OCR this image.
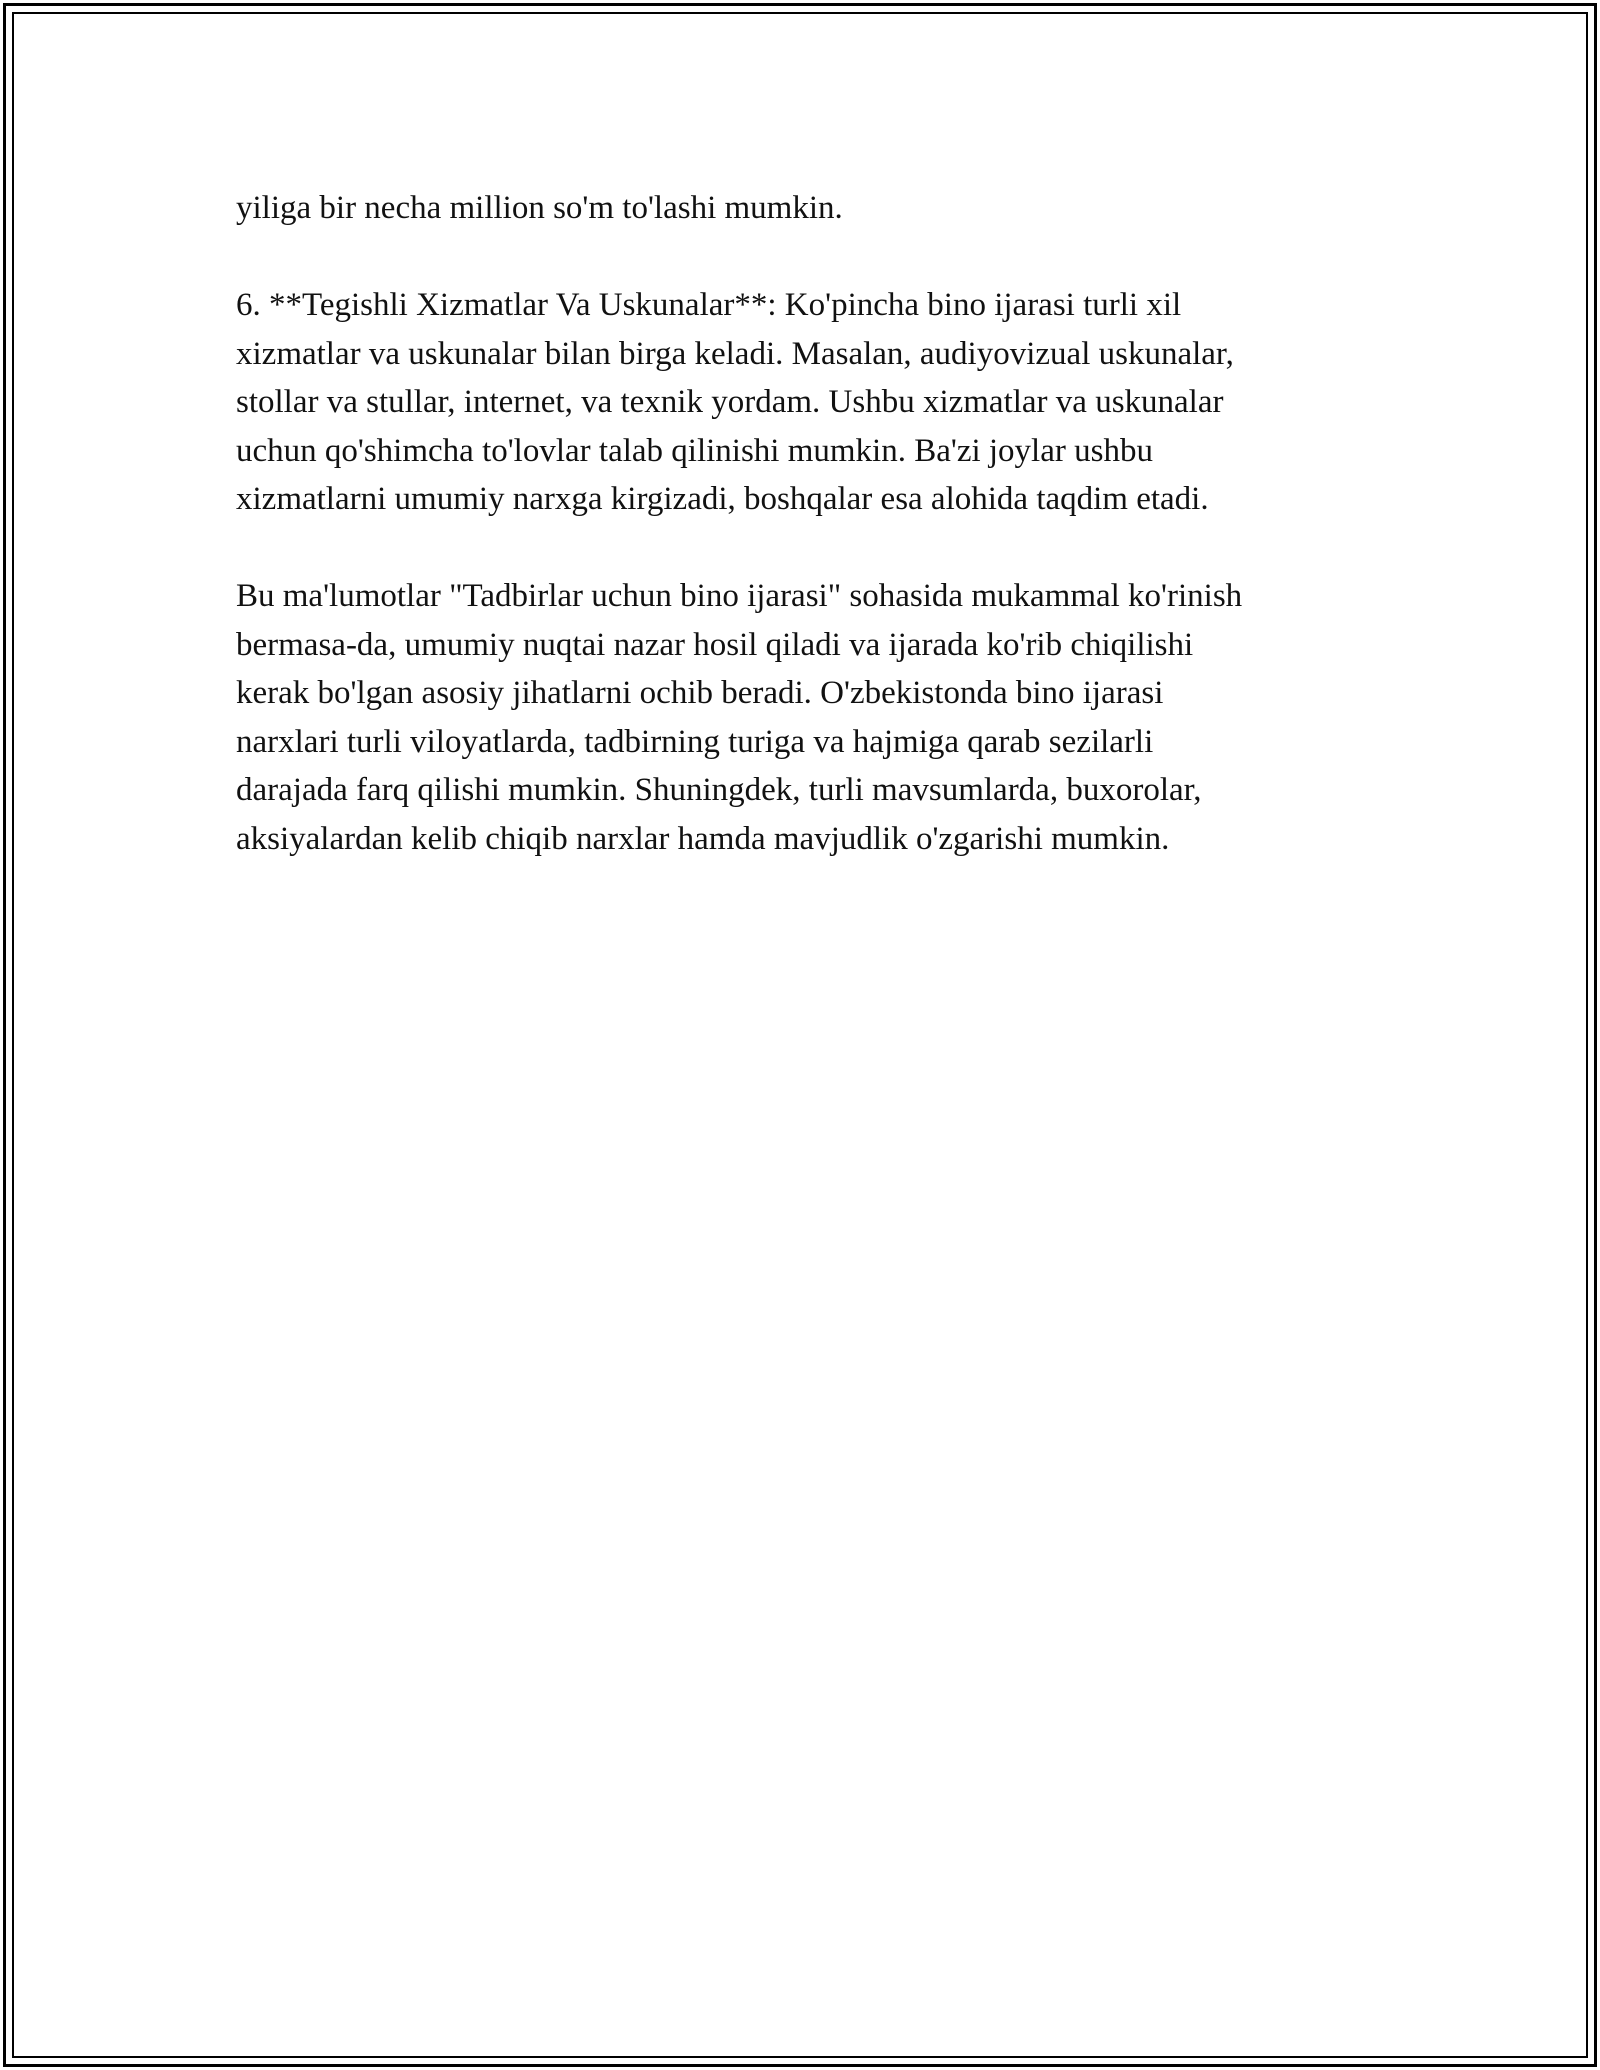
yiliga bir necha million so'm to'lashi mumkin.

6. **Tegishli Xizmatlar Va Uskunalar**: Ko'pincha bino ijarasi turli xil
xizmatlar va uskunalar bilan birga keladi. Masalan, audiyovizual uskunalar,
stollar va stullar, internet, va texnik yordam. Ushbu xizmatlar va uskunalar
uchun qo'shimcha to'lovlar talab qilinishi mumkin. Ba'zi joylar ushbu
xizmatlarni umumiy narxga kirgizadi, boshqalar esa alohida taqdim etadi.

Bu ma'lumotlar "Tadbirlar uchun bino ijarasi" sohasida mukammal ko'rinish
bermasa-da, umumiy nuqtai nazar hosil qiladi va ijarada ko'rib chiqilishi
kerak bo'lgan asosiy jihatlarni ochib beradi. O'zbekistonda bino ijarasi
narxlari turli viloyatlarda, tadbirning turiga va hajmiga qarab sezilarli
darajada farq qilishi mumkin. Shuningdek, turli mavsumlarda, buxorolar,
aksiyalardan kelib chiqib narxlar hamda mavjudlik o'zgarishi mumkin.
